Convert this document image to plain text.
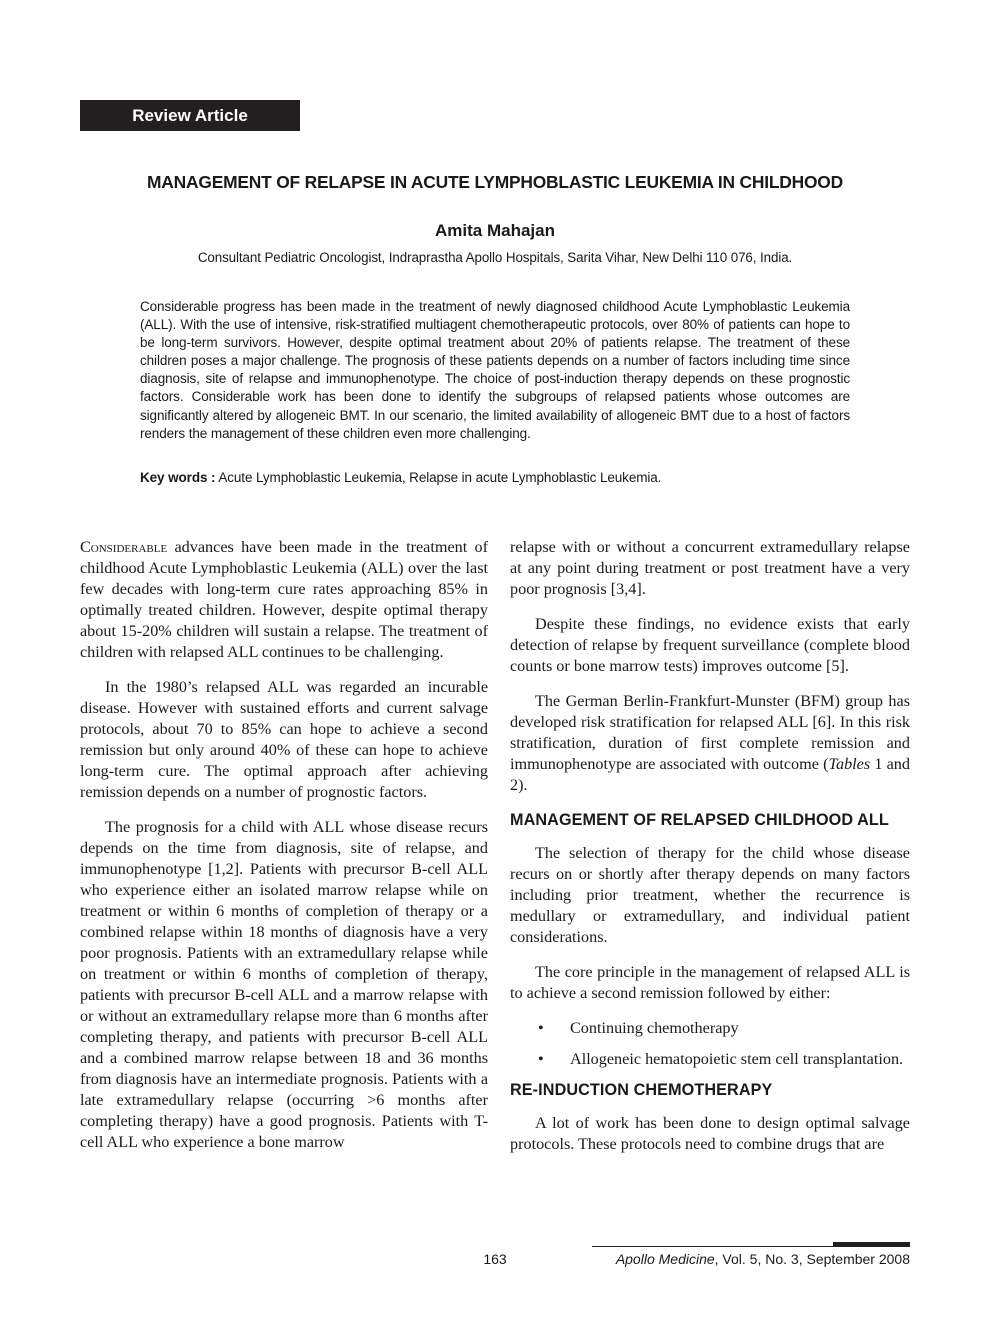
Review Article
MANAGEMENT OF RELAPSE IN ACUTE LYMPHOBLASTIC LEUKEMIA IN CHILDHOOD
Amita Mahajan
Consultant Pediatric Oncologist, Indraprastha Apollo Hospitals, Sarita Vihar, New Delhi 110 076, India.

Considerable progress has been made in the treatment of newly diagnosed childhood Acute Lymphoblastic Leukemia (ALL). With the use of intensive, risk-stratified multiagent chemotherapeutic protocols, over 80% of patients can hope to be long-term survivors. However, despite optimal treatment about 20% of patients relapse. The treatment of these children poses a major challenge. The prognosis of these patients depends on a number of factors including time since diagnosis, site of relapse and immunophenotype. The choice of post-induction therapy depends on these prognostic factors. Considerable work has been done to identify the subgroups of relapsed patients whose outcomes are significantly altered by allogeneic BMT. In our scenario, the limited availability of allogeneic BMT due to a host of factors renders the management of these children even more challenging.

Key words : Acute Lymphoblastic Leukemia, Relapse in acute Lymphoblastic Leukemia.

Considerable advances have been made in the treatment of childhood Acute Lymphoblastic Leukemia (ALL) over the last few decades with long-term cure rates approaching 85% in optimally treated children. However, despite optimal therapy about 15-20% children will sustain a relapse. The treatment of children with relapsed ALL continues to be challenging.

In the 1980’s relapsed ALL was regarded an incurable disease. However with sustained efforts and current salvage protocols, about 70 to 85% can hope to achieve a second remission but only around 40% of these can hope to achieve long-term cure. The optimal approach after achieving remission depends on a number of prognostic factors.

The prognosis for a child with ALL whose disease recurs depends on the time from diagnosis, site of relapse, and immunophenotype [1,2]. Patients with precursor B-cell ALL who experience either an isolated marrow relapse while on treatment or within 6 months of completion of therapy or a combined relapse within 18 months of diagnosis have a very poor prognosis. Patients with an extramedullary relapse while on treatment or within 6 months of completion of therapy, patients with precursor B-cell ALL and a marrow relapse with or without an extramedullary relapse more than 6 months after completing therapy, and patients with precursor B-cell ALL and a combined marrow relapse between 18 and 36 months from diagnosis have an intermediate prognosis. Patients with a late extramedullary relapse (occurring >6 months after completing therapy) have a good prognosis. Patients with T-cell ALL who experience a bone marrow

relapse with or without a concurrent extramedullary relapse at any point during treatment or post treatment have a very poor prognosis [3,4].

Despite these findings, no evidence exists that early detection of relapse by frequent surveillance (complete blood counts or bone marrow tests) improves outcome [5].

The German Berlin-Frankfurt-Munster (BFM) group has developed risk stratification for relapsed ALL [6]. In this risk stratification, duration of first complete remission and immunophenotype are associated with outcome (Tables 1 and 2).

MANAGEMENT OF RELAPSED CHILDHOOD ALL

The selection of therapy for the child whose disease recurs on or shortly after therapy depends on many factors including prior treatment, whether the recurrence is medullary or extramedullary, and individual patient considerations.

The core principle in the management of relapsed ALL is to achieve a second remission followed by either:

• Continuing chemotherapy
• Allogeneic hematopoietic stem cell transplantation.
RE-INDUCTION CHEMOTHERAPY

A lot of work has been done to design optimal salvage protocols. These protocols need to combine drugs that are

163	Apollo Medicine, Vol. 5, No. 3, September 2008
